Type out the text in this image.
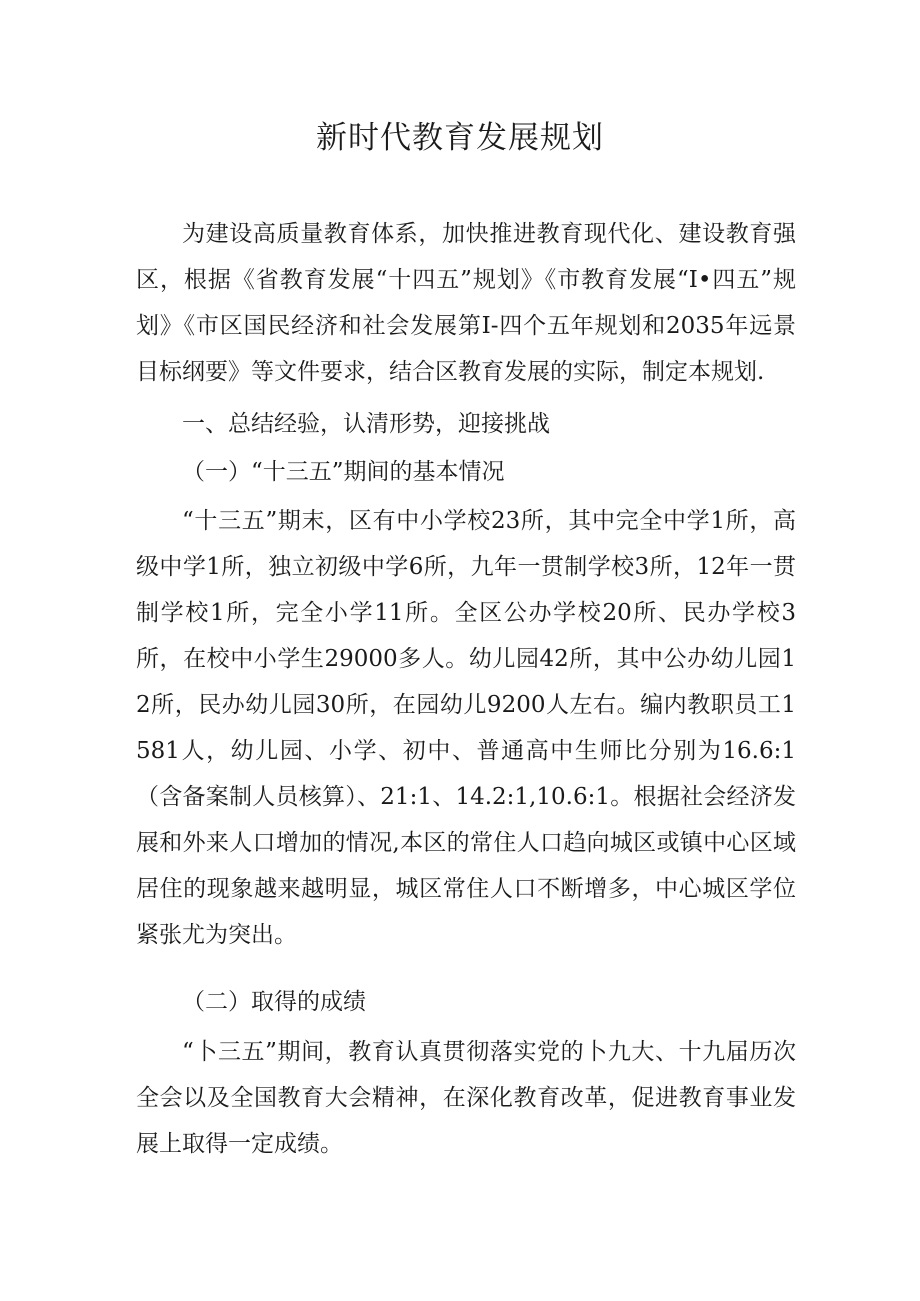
新时代教育发展规划

为建设高质量教育体系，加快推进教育现代化、建设教育强区，根据《省教育发展“十四五”规划》《市教育发展“I•四五”规划》《市区国民经济和社会发展第I-四个五年规划和2035年远景目标纲要》等文件要求，结合区教育发展的实际，制定本规划.

一、总结经验，认清形势，迎接挑战

（一）“十三五”期间的基本情况

“十三五”期末，区有中小学校23所，其中完全中学1所，高级中学1所，独立初级中学6所，九年一贯制学校3所，12年一贯制学校1所，完全小学11所。全区公办学校20所、民办学校3所，在校中小学生29000多人。幼儿园42所，其中公办幼儿园12所，民办幼儿园30所，在园幼儿9200人左右。编内教职员工1581人，幼儿园、小学、初中、普通高中生师比分别为16.6:1（含备案制人员核算）、21:1、14.2:1,10.6:1。根据社会经济发展和外来人口增加的情况,本区的常住人口趋向城区或镇中心区域居住的现象越来越明显，城区常住人口不断增多，中心城区学位紧张尤为突出。

（二）取得的成绩

“卜三五”期间，教育认真贯彻落实党的卜九大、十九届历次全会以及全国教育大会精神，在深化教育改革，促进教育事业发展上取得一定成绩。
